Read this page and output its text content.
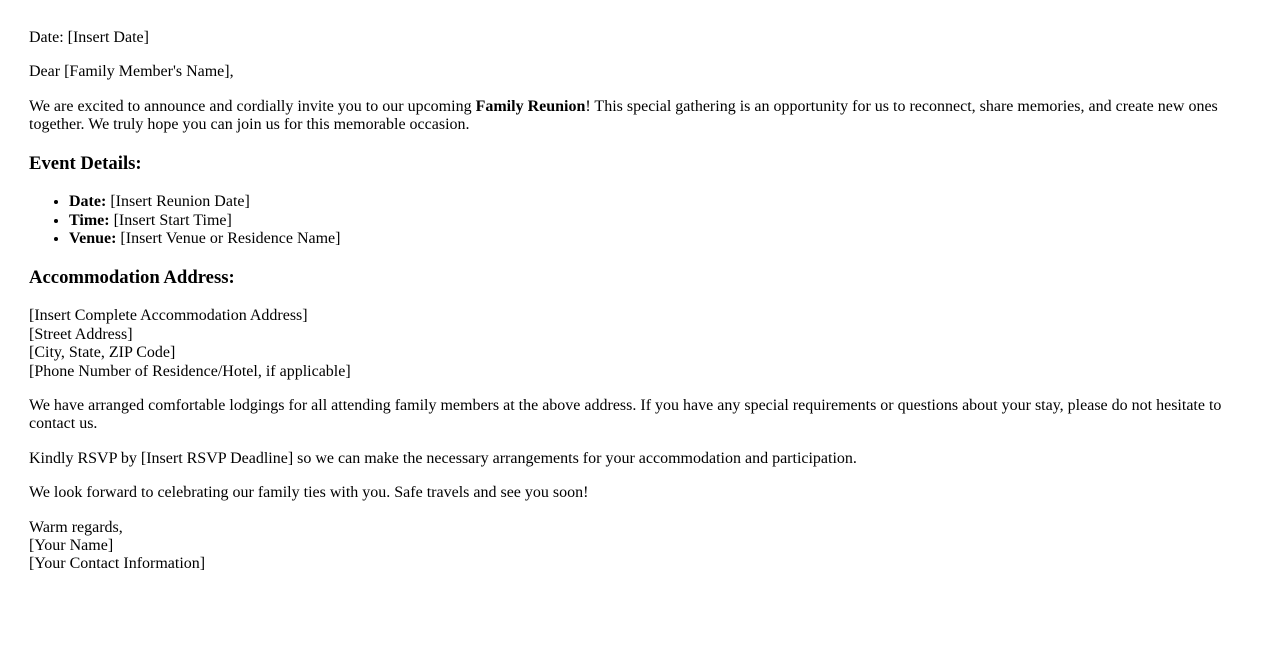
Date: [Insert Date]

Dear [Family Member's Name],

We are excited to announce and cordially invite you to our upcoming Family Reunion! This special gathering is an opportunity for us to reconnect, share memories, and create new ones together. We truly hope you can join us for this memorable occasion.

Event Details:
• Date: [Insert Reunion Date]
• Time: [Insert Start Time]
• Venue: [Insert Venue or Residence Name]
Accommodation Address:

[Insert Complete Accommodation Address]
[Street Address]
[City, State, ZIP Code]
[Phone Number of Residence/Hotel, if applicable]

We have arranged comfortable lodgings for all attending family members at the above address. If you have any special requirements or questions about your stay, please do not hesitate to contact us.

Kindly RSVP by [Insert RSVP Deadline] so we can make the necessary arrangements for your accommodation and participation.

We look forward to celebrating our family ties with you. Safe travels and see you soon!

Warm regards,
[Your Name]
[Your Contact Information]
